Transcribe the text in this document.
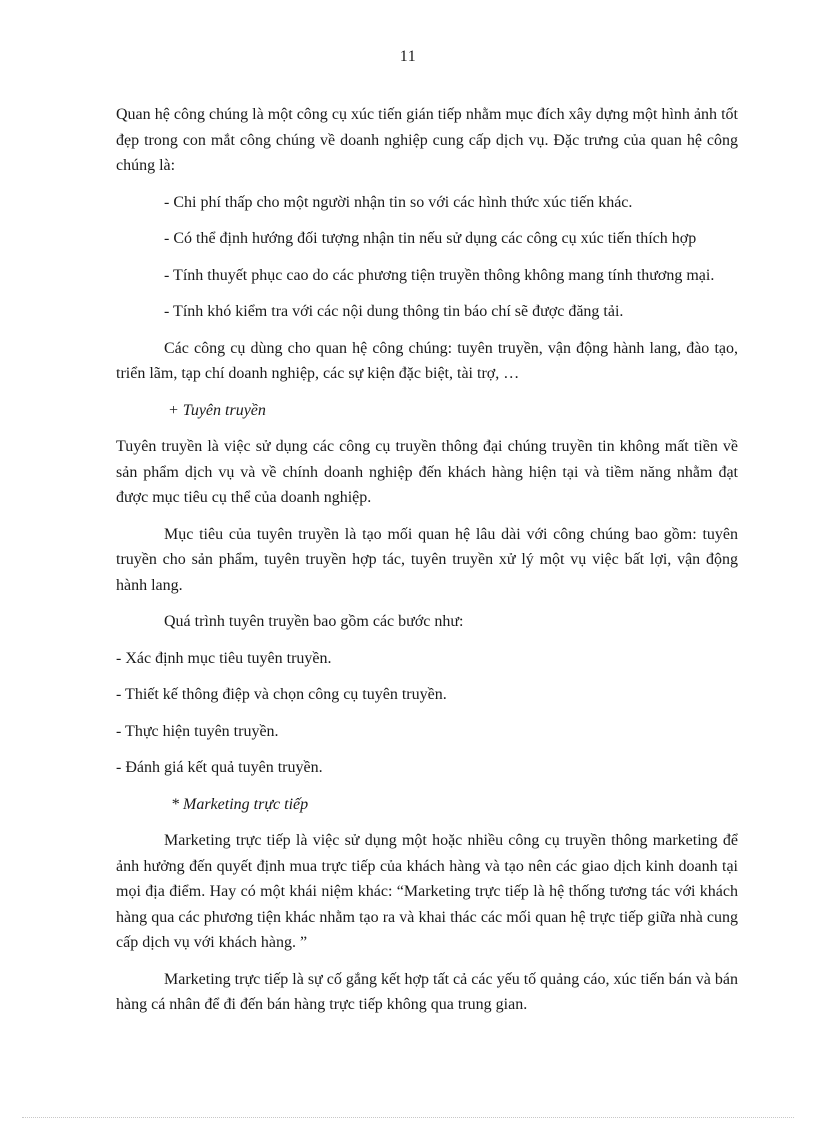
11

Quan hệ công chúng là một công cụ xúc tiến gián tiếp nhằm mục đích xây dựng một hình ảnh tốt đẹp trong con mắt công chúng về doanh nghiệp cung cấp dịch vụ. Đặc trưng của quan hệ công chúng là:

- Chi phí thấp cho một người nhận tin so với các hình thức xúc tiến khác.

- Có thể định hướng đối tượng nhận tin nếu sử dụng các công cụ xúc tiến thích hợp

- Tính thuyết phục cao do các phương tiện truyền thông không mang tính thương mại.

- Tính khó kiểm tra với các nội dung thông tin báo chí sẽ được đăng tải.

Các công cụ dùng cho quan hệ công chúng: tuyên truyền, vận động hành lang, đào tạo, triển lãm, tạp chí doanh nghiệp, các sự kiện đặc biệt, tài trợ, …

+ Tuyên truyền

Tuyên truyền là việc sử dụng các công cụ truyền thông đại chúng truyền tin không mất tiền về sản phẩm dịch vụ và về chính doanh nghiệp đến khách hàng hiện tại và tiềm năng nhằm đạt được mục tiêu cụ thể của doanh nghiệp.

Mục tiêu của tuyên truyền là tạo mối quan hệ lâu dài với công chúng bao gồm: tuyên truyền cho sản phẩm, tuyên truyền hợp tác, tuyên truyền xử lý một vụ việc bất lợi, vận động hành lang.

Quá trình tuyên truyền bao gồm các bước như:

- Xác định mục tiêu tuyên truyền.

- Thiết kế thông điệp và chọn công cụ tuyên truyền.

- Thực hiện tuyên truyền.

- Đánh giá kết quả tuyên truyền.

* Marketing trực tiếp

Marketing trực tiếp là việc sử dụng một hoặc nhiều công cụ truyền thông marketing để ảnh hưởng đến quyết định mua trực tiếp của khách hàng và tạo nên các giao dịch kinh doanh tại mọi địa điểm. Hay có một khái niệm khác: “Marketing trực tiếp là hệ thống tương tác với khách hàng qua các phương tiện khác nhằm tạo ra và khai thác các mối quan hệ trực tiếp giữa nhà cung cấp dịch vụ với khách hàng. ”

Marketing trực tiếp là sự cố gắng kết hợp tất cả các yếu tố quảng cáo, xúc tiến bán và bán hàng cá nhân để đi đến bán hàng trực tiếp không qua trung gian.
